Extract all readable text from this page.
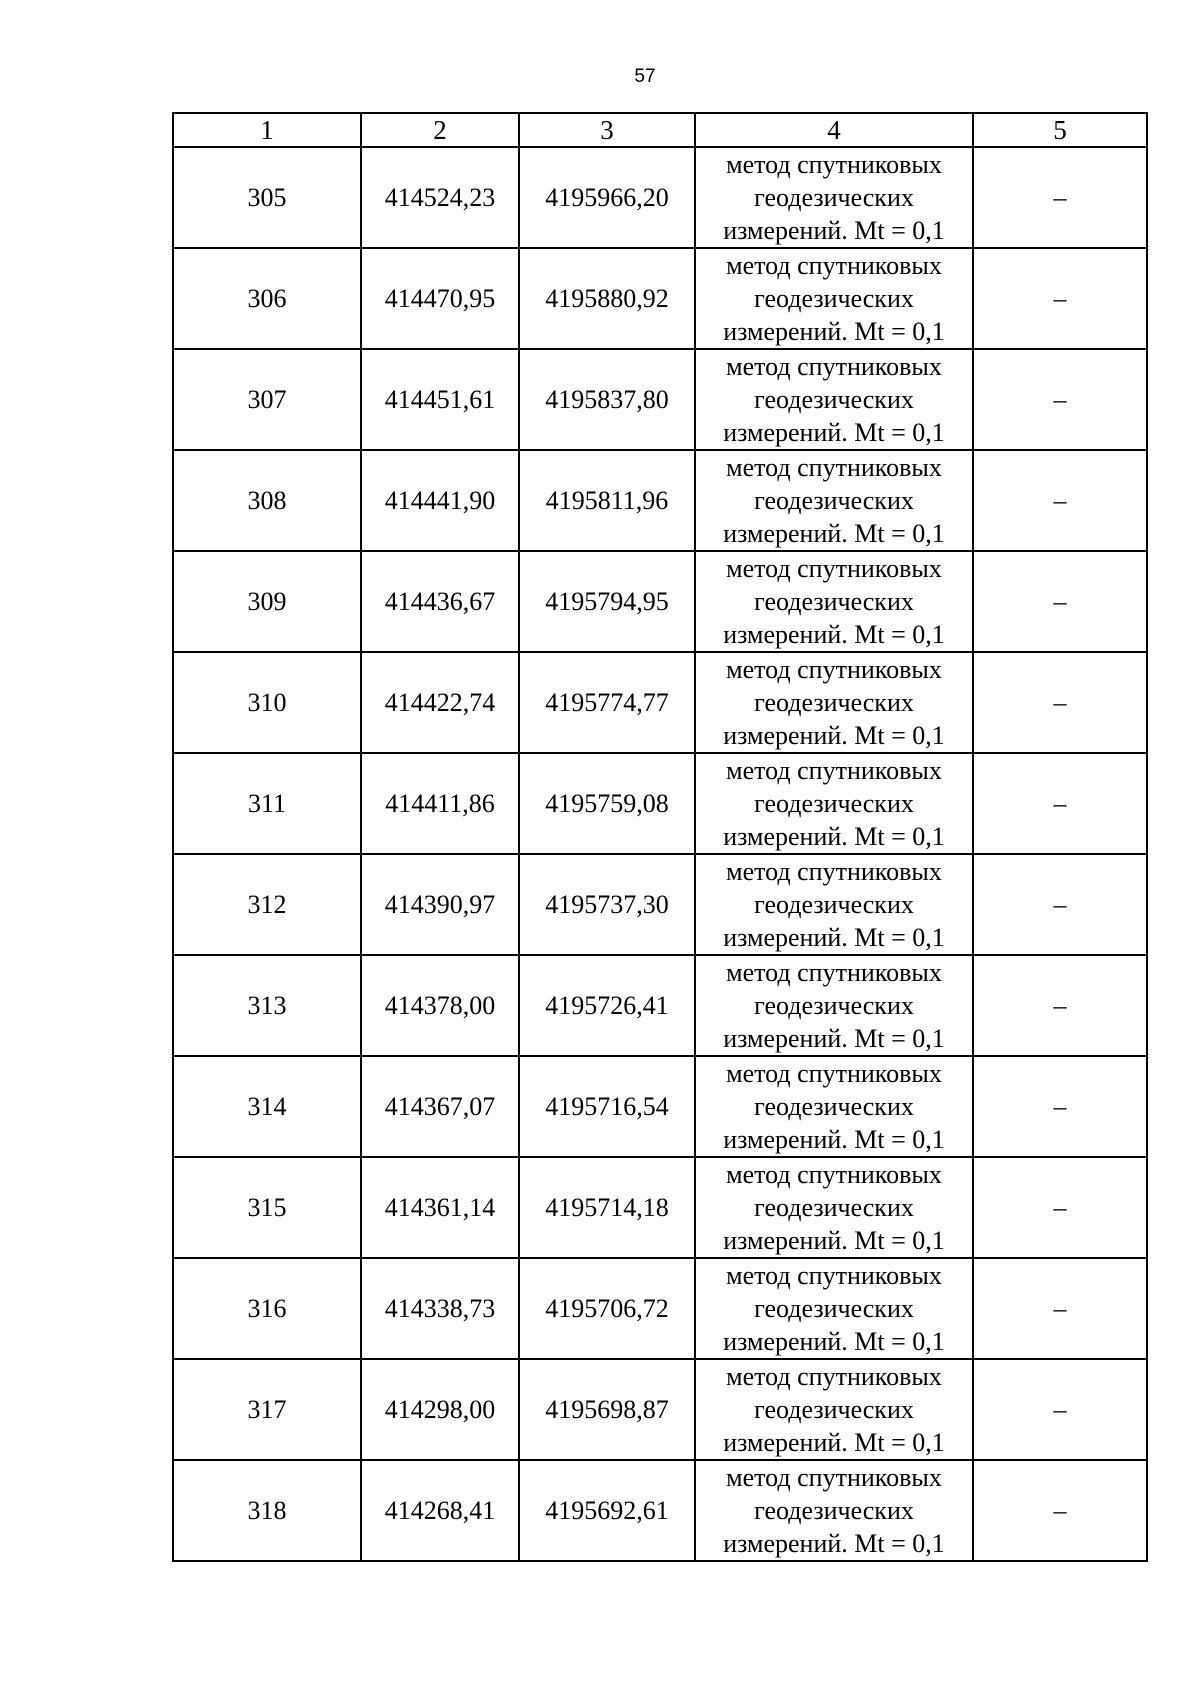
57
1	2	3	4	5
305	414524,23	4195966,20	метод спутниковых
геодезических
измерений. Mt = 0,1	–
306	414470,95	4195880,92	метод спутниковых
геодезических
измерений. Mt = 0,1	–
307	414451,61	4195837,80	метод спутниковых
геодезических
измерений. Mt = 0,1	–
308	414441,90	4195811,96	метод спутниковых
геодезических
измерений. Mt = 0,1	–
309	414436,67	4195794,95	метод спутниковых
геодезических
измерений. Mt = 0,1	–
310	414422,74	4195774,77	метод спутниковых
геодезических
измерений. Mt = 0,1	–
311	414411,86	4195759,08	метод спутниковых
геодезических
измерений. Mt = 0,1	–
312	414390,97	4195737,30	метод спутниковых
геодезических
измерений. Mt = 0,1	–
313	414378,00	4195726,41	метод спутниковых
геодезических
измерений. Mt = 0,1	–
314	414367,07	4195716,54	метод спутниковых
геодезических
измерений. Mt = 0,1	–
315	414361,14	4195714,18	метод спутниковых
геодезических
измерений. Mt = 0,1	–
316	414338,73	4195706,72	метод спутниковых
геодезических
измерений. Mt = 0,1	–
317	414298,00	4195698,87	метод спутниковых
геодезических
измерений. Mt = 0,1	–
318	414268,41	4195692,61	метод спутниковых
геодезических
измерений. Mt = 0,1	–
